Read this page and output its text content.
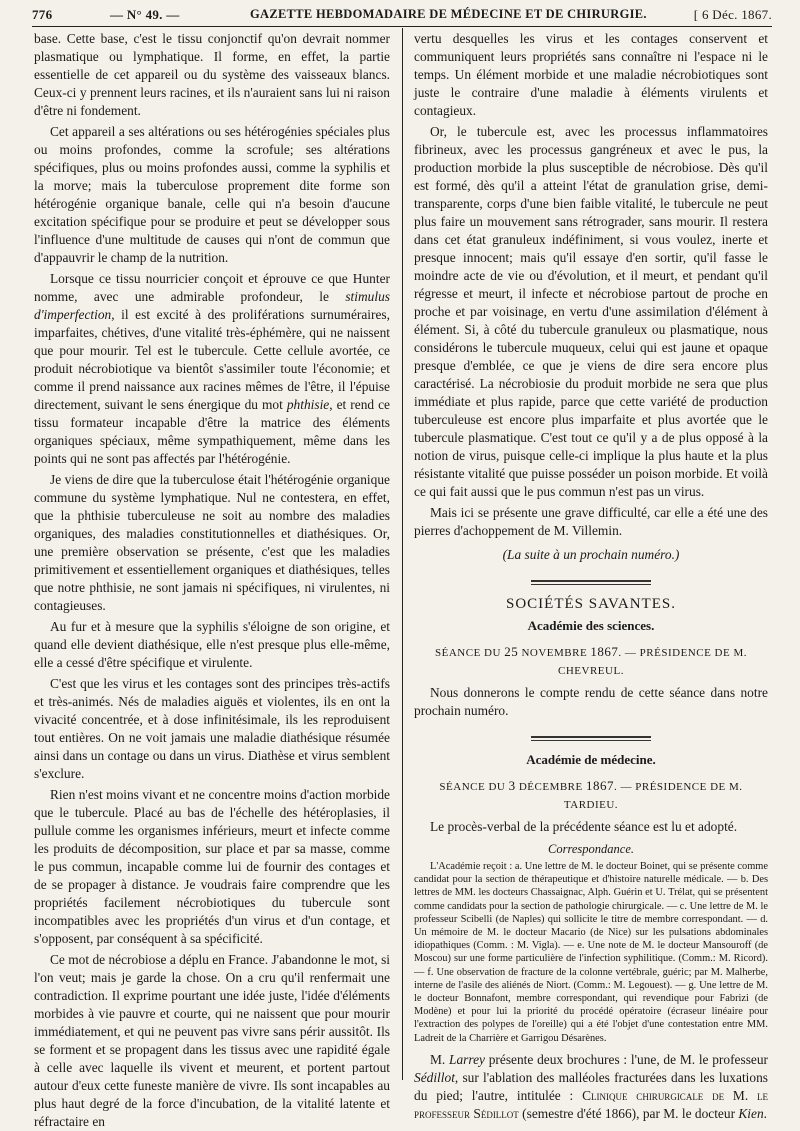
776	— N° 49. —	GAZETTE HEBDOMADAIRE DE MÉDECINE ET DE CHIRURGIE.	[ 6 Déc. 1867.

base. Cette base, c'est le tissu conjonctif qu'on devrait nommer plasmatique ou lymphatique. Il forme, en effet, la partie essentielle de cet appareil ou du système des vaisseaux blancs. Ceux-ci y prennent leurs racines, et ils n'auraient sans lui ni raison d'être ni fondement.

Cet appareil a ses altérations ou ses hétérogénies spéciales plus ou moins profondes, comme la scrofule; ses altérations spécifiques, plus ou moins profondes aussi, comme la syphilis et la morve; mais la tuberculose proprement dite forme son hétérogénie organique banale, celle qui n'a besoin d'aucune excitation spécifique pour se produire et peut se développer sous l'influence d'une multitude de causes qui n'ont de commun que d'appauvrir le champ de la nutrition.

Lorsque ce tissu nourricier conçoit et éprouve ce que Hunter nomme, avec une admirable profondeur, le stimulus d'imperfection, il est excité à des proliférations surnuméraires, imparfaites, chétives, d'une vitalité très-éphémère, qui ne naissent que pour mourir. Tel est le tubercule. Cette cellule avortée, ce produit nécrobiotique va bientôt s'assimiler toute l'économie; et comme il prend naissance aux racines mêmes de l'être, il l'épuise directement, suivant le sens énergique du mot phthisie, et rend ce tissu formateur incapable d'être la matrice des éléments organiques spéciaux, même sympathiquement, même dans les points qui ne sont pas affectés par l'hétérogénie.

Je viens de dire que la tuberculose était l'hétérogénie organique commune du système lymphatique. Nul ne contestera, en effet, que la phthisie tuberculeuse ne soit au nombre des maladies organiques, des maladies constitutionnelles et diathésiques. Or, une première observation se présente, c'est que les maladies primitivement et essentiellement organiques et diathésiques, telles que notre phthisie, ne sont jamais ni spécifiques, ni virulentes, ni contagieuses.

Au fur et à mesure que la syphilis s'éloigne de son origine, et quand elle devient diathésique, elle n'est presque plus elle-même, elle a cessé d'être spécifique et virulente.

C'est que les virus et les contages sont des principes très-actifs et très-animés. Nés de maladies aiguës et violentes, ils en ont la vivacité concentrée, et à dose infinitésimale, ils les reproduisent tout entières. On ne voit jamais une maladie diathésique résumée ainsi dans un contage ou dans un virus. Diathèse et virus semblent s'exclure.

Rien n'est moins vivant et ne concentre moins d'action morbide que le tubercule. Placé au bas de l'échelle des hétéroplasies, il pullule comme les organismes inférieurs, meurt et infecte comme les produits de décomposition, sur place et par sa masse, comme le pus commun, incapable comme lui de fournir des contages et de se propager à distance. Je voudrais faire comprendre que les propriétés facilement nécrobiotiques du tubercule sont incompatibles avec les propriétés d'un virus et d'un contage, et s'opposent, par conséquent à sa spécificité.

Ce mot de nécrobiose a déplu en France. J'abandonne le mot, si l'on veut; mais je garde la chose. On a cru qu'il renfermait une contradiction. Il exprime pourtant une idée juste, l'idée d'éléments morbides à vie pauvre et courte, qui ne naissent que pour mourir immédiatement, et qui ne peuvent pas vivre sans périr aussitôt. Ils se forment et se propagent dans les tissus avec une rapidité égale à celle avec laquelle ils vivent et meurent, et portent partout autour d'eux cette funeste manière de vivre. Ils sont incapables au plus haut degré de la force d'incubation, de la vitalité latente et réfractaire en

vertu desquelles les virus et les contages conservent et communiquent leurs propriétés sans connaître ni l'espace ni le temps. Un élément morbide et une maladie nécrobiotiques sont juste le contraire d'une maladie à éléments virulents et contagieux.

Or, le tubercule est, avec les processus inflammatoires fibrineux, avec les processus gangréneux et avec le pus, la production morbide la plus susceptible de nécrobiose. Dès qu'il est formé, dès qu'il a atteint l'état de granulation grise, demi-transparente, corps d'une bien faible vitalité, le tubercule ne peut plus faire un mouvement sans rétrograder, sans mourir. Il restera dans cet état granuleux indéfiniment, si vous voulez, inerte et presque innocent; mais qu'il essaye d'en sortir, qu'il fasse le moindre acte de vie ou d'évolution, et il meurt, et pendant qu'il régresse et meurt, il infecte et nécrobiose partout de proche en proche et par voisinage, en vertu d'une assimilation d'élément à élément. Si, à côté du tubercule granuleux ou plasmatique, nous considérons le tubercule muqueux, celui qui est jaune et opaque presque d'emblée, ce que je viens de dire sera encore plus caractérisé. La nécrobiosie du produit morbide ne sera que plus immédiate et plus rapide, parce que cette variété de production tuberculeuse est encore plus imparfaite et plus avortée que le tubercule plasmatique. C'est tout ce qu'il y a de plus opposé à la notion de virus, puisque celle-ci implique la plus haute et la plus résistante vitalité que puisse posséder un poison morbide. Et voilà ce qui fait aussi que le pus commun n'est pas un virus.

Mais ici se présente une grave difficulté, car elle a été une des pierres d'achoppement de M. Villemin.

(La suite à un prochain numéro.)

SOCIÉTÉS SAVANTES.
Académie des sciences.
SÉANCE DU 25 NOVEMBRE 1867. — PRÉSIDENCE DE M. CHEVREUL.

Nous donnerons le compte rendu de cette séance dans notre prochain numéro.

Académie de médecine.
SÉANCE DU 3 DÉCEMBRE 1867. — PRÉSIDENCE DE M. TARDIEU.

Le procès-verbal de la précédente séance est lu et adopté.

Correspondance.

L'Académie reçoit : a. Une lettre de M. le docteur Boinet, qui se présente comme candidat pour la section de thérapeutique et d'histoire naturelle médicale. — b. Des lettres de MM. les docteurs Chassaignac, Alph. Guérin et U. Trélat, qui se présentent comme candidats pour la section de pathologie chirurgicale. — c. Une lettre de M. le professeur Scibelli (de Naples) qui sollicite le titre de membre correspondant. — d. Un mémoire de M. le docteur Macario (de Nice) sur les pulsations abdominales idiopathiques (Comm. : M. Vigla). — e. Une note de M. le docteur Mansouroff (de Moscou) sur une forme particulière de l'infection syphilitique. (Comm.: M. Ricord). — f. Une observation de fracture de la colonne vertébrale, guéric; par M. Malherbe, interne de l'asile des aliénés de Niort. (Comm.: M. Legouest). — g. Une lettre de M. le docteur Bonnafont, membre correspondant, qui revendique pour Fabrizi (de Modène) et pour lui la priorité du procédé opératoire (écraseur linéaire pour l'extraction des polypes de l'oreille) qui a été l'objet d'une contestation entre MM. Ladreit de la Charrière et Garrigou Désarènes.

M. Larrey présente deux brochures : l'une, de M. le professeur Sédillot, sur l'ablation des malléoles fracturées dans les luxations du pied; l'autre, intitulée : Clinique chirurgicale de M. le professeur Sédillot (semestre d'été 1866), par M. le docteur Kien.
